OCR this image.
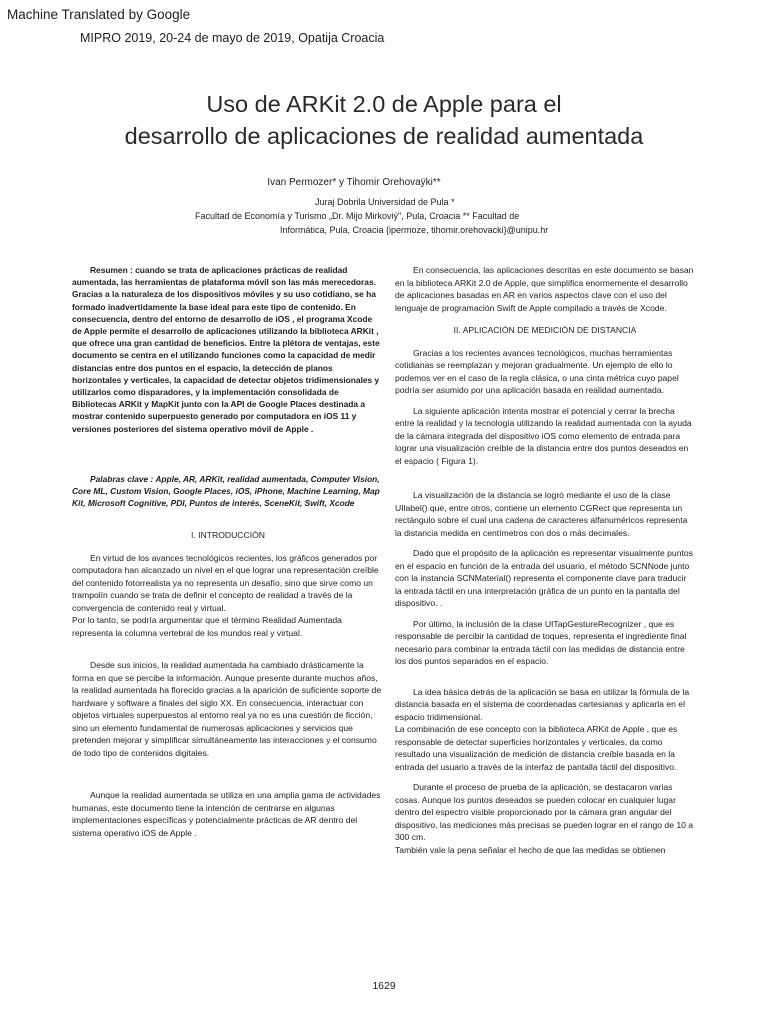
Machine Translated by Google
MIPRO 2019, 20-24 de mayo de 2019, Opatija Croacia
Uso de ARKit 2.0 de Apple para el
desarrollo de aplicaciones de realidad aumentada
Ivan Permozer* y Tihomir Orehovaÿki**
Juraj Dobrila Universidad de Pula *
Facultad de Economía y Turismo „Dr. Mijo Mirkoviý", Pula, Croacia ** Facultad de
Informática, Pula, Croacia {ipermoze, tihomir.orehovacki}@unipu.hr

Resumen : cuando se trata de aplicaciones prácticas de realidad aumentada, las herramientas de plataforma móvil son las más merecedoras. Gracias a la naturaleza de los dispositivos móviles y su uso cotidiano, se ha formado inadvertidamente la base ideal para este tipo de contenido. En consecuencia, dentro del entorno de desarrollo de iOS , el programa Xcode de Apple permite el desarrollo de aplicaciones utilizando la biblioteca ARKit , que ofrece una gran cantidad de beneficios. Entre la plétora de ventajas, este documento se centra en el utilizando funciones como la capacidad de medir distancias entre dos puntos en el espacio, la detección de planos horizontales y verticales, la capacidad de detectar objetos tridimensionales y utilizarlos como disparadores, y la implementación consolidada de Bibliotecas ARKit y MapKit junto con la API de Google Places destinada a mostrar contenido superpuesto generado por computadora en iOS 11 y versiones posteriores del sistema operativo móvil de Apple .

Palabras clave : Apple, AR, ARKit, realidad aumentada, Computer Vision, Core ML, Custom Vision, Google Places, iOS, iPhone, Machine Learning, Map Kit, Microsoft Cognitive, PDI, Puntos de interés, SceneKit, Swift, Xcode

I. INTRODUCCIÓN

En virtud de los avances tecnológicos recientes, los gráficos generados por computadora han alcanzado un nivel en el que lograr una representación creíble del contenido fotorrealista ya no representa un desafío, sino que sirve como un trampolín cuando se trata de definir el concepto de realidad a través de la convergencia de contenido real y virtual.

Por lo tanto, se podría argumentar que el término Realidad Aumentada representa la columna vertebral de los mundos real y virtual.

Desde sus inicios, la realidad aumentada ha cambiado drásticamente la forma en que se percibe la información. Aunque presente durante muchos años, la realidad aumentada ha florecido gracias a la aparición de suficiente soporte de hardware y software a finales del siglo XX. En consecuencia, interactuar con objetos virtuales superpuestos al entorno real ya no es una cuestión de ficción, sino un elemento fundamental de numerosas aplicaciones y servicios que pretenden mejorar y simplificar simultáneamente las interacciones y el consumo de todo tipo de contenidos digitales.

Aunque la realidad aumentada se utiliza en una amplia gama de actividades humanas, este documento tiene la intención de centrarse en algunas implementaciones específicas y potencialmente prácticas de AR dentro del sistema operativo iOS de Apple .

En consecuencia, las aplicaciones descritas en este documento se basan en la biblioteca ARKit 2.0 de Apple, que simplifica enormemente el desarrollo de aplicaciones basadas en AR en varios aspectos clave con el uso del lenguaje de programación Swift de Apple compilado a través de Xcode.

II. APLICACIÓN DE MEDICIÓN DE DISTANCIA

Gracias a los recientes avances tecnológicos, muchas herramientas cotidianas se reemplazan y mejoran gradualmente. Un ejemplo de ello lo podemos ver en el caso de la regla clásica, o una cinta métrica cuyo papel podría ser asumido por una aplicación basada en realidad aumentada.

La siguiente aplicación intenta mostrar el potencial y cerrar la brecha entre la realidad y la tecnología utilizando la realidad aumentada con la ayuda de la cámara integrada del dispositivo iOS como elemento de entrada para lograr una visualización creíble de la distancia entre dos puntos deseados en el espacio ( Figura 1).

La visualización de la distancia se logró mediante el uso de la clase UIlabel() que, entre otros, contiene un elemento CGRect que representa un rectángulo sobre el cual una cadena de caracteres alfanuméricos representa la distancia medida en centímetros con dos o más decimales.

Dado que el propósito de la aplicación es representar visualmente puntos en el espacio en función de la entrada del usuario, el método SCNNode junto con la instancia SCNMaterial() representa el componente clave para traducir la entrada táctil en una interpretación gráfica de un punto en la pantalla del dispositivo. .

Por último, la inclusión de la clase UITapGestureRecognizer , que es responsable de percibir la cantidad de toques, representa el ingrediente final necesario para combinar la entrada táctil con las medidas de distancia entre los dos puntos separados en el espacio.

La idea básica detrás de la aplicación se basa en utilizar la fórmula de la distancia basada en el sistema de coordenadas cartesianas y aplicarla en el espacio tridimensional.

La combinación de ese concepto con la biblioteca ARKit de Apple , que es responsable de detectar superficies horizontales y verticales, da como resultado una visualización de medición de distancia creíble basada en la entrada del usuario a través de la interfaz de pantalla táctil del dispositivo.

Durante el proceso de prueba de la aplicación, se destacaron varias cosas. Aunque los puntos deseados se pueden colocar en cualquier lugar dentro del espectro visible proporcionado por la cámara gran angular del dispositivo, las mediciones más precisas se pueden lograr en el rango de 10 a 300 cm.

También vale la pena señalar el hecho de que las medidas se obtienen

1629
